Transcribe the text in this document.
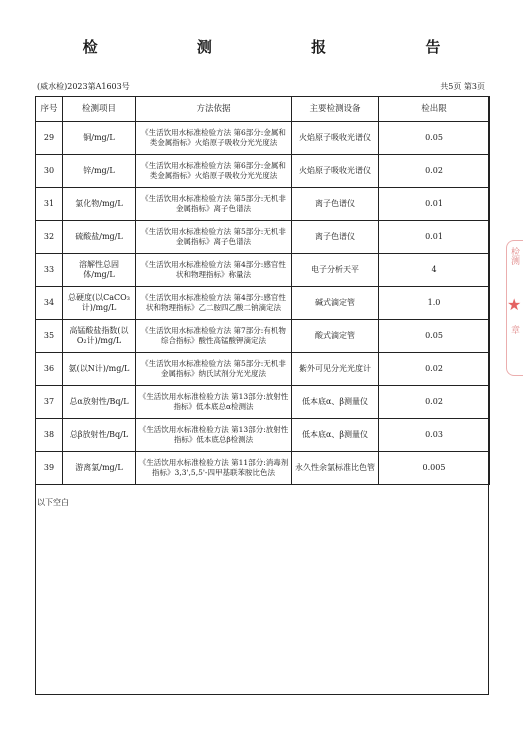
检 测 报 告
(威水检)2023第A1603号	共5页 第3页
序号	检测项目	方法依据	主要检测设备	检出限
29	铜/mg/L	《生活饮用水标准检验方法 第6部分:金属和类金属指标》火焰原子吸收分光光度法	火焰原子吸收光谱仪	0.05
30	锌/mg/L	《生活饮用水标准检验方法 第6部分:金属和类金属指标》火焰原子吸收分光光度法	火焰原子吸收光谱仪	0.02
31	氯化物/mg/L	《生活饮用水标准检验方法 第5部分:无机非金属指标》离子色谱法	离子色谱仪	0.01
32	硫酸盐/mg/L	《生活饮用水标准检验方法 第5部分:无机非金属指标》离子色谱法	离子色谱仪	0.01
33	溶解性总固体/mg/L	《生活饮用水标准检验方法 第4部分:感官性状和物理指标》称量法	电子分析天平	4
34	总硬度(以CaCO₃计)/mg/L	《生活饮用水标准检验方法 第4部分:感官性状和物理指标》乙二胺四乙酸二钠滴定法	碱式滴定管	1.0
35	高锰酸盐指数(以O₂计)/mg/L	《生活饮用水标准检验方法 第7部分:有机物综合指标》酸性高锰酸钾滴定法	酸式滴定管	0.05
36	氨(以N计)/mg/L	《生活饮用水标准检验方法 第5部分:无机非金属指标》纳氏试剂分光光度法	紫外可见分光光度计	0.02
37	总α放射性/Bq/L	《生活饮用水标准检验方法 第13部分:放射性指标》低本底总α检测法	低本底α、β测量仪	0.02
38	总β放射性/Bq/L	《生活饮用水标准检验方法 第13部分:放射性指标》低本底总β检测法	低本底α、β测量仪	0.03
39	游离氯/mg/L	《生活饮用水标准检验方法 第11部分:消毒剂指标》3,3',5,5'-四甲基联苯胺比色法	永久性余氯标准比色管	0.005
以下空白
检测
★
章
